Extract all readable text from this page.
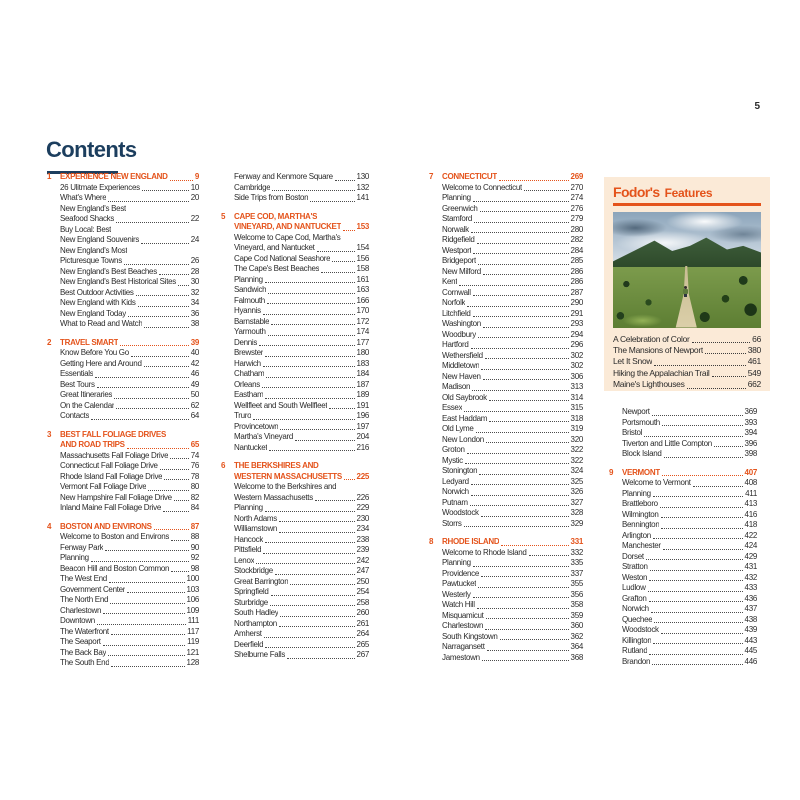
5
Contents
1	EXPERIENCE NEW ENGLAND	9
26 Ulitmate Experiences	10
What's Where	20
New England's Best
Seafood Shacks	22
Buy Local: Best
New England Souvenirs	24
New England's Most
Picturesque Towns	26
New England's Best Beaches	28
New England's Best Historical Sites 30
Best Outdoor Activities	32
New England with Kids	34
New England Today	36
What to Read and Watch	38
2	TRAVEL SMART	39
Know Before You Go	40
Getting Here and Around	42
Essentials	46
Best Tours	49
Great Itineraries	50
On the Calendar	62
Contacts	64
3	BEST FALL FOLIAGE DRIVES
AND ROAD TRIPS	65
Massachusetts Fall Foliage Drive	74
Connecticut Fall Foliage Drive	76
Rhode Island Fall Foliage Drive	78
Vermont Fall Foliage Drive	80
New Hampshire Fall Foliage Drive 82
Inland Maine Fall Foliage Drive	84
4	BOSTON AND ENVIRONS	87
Welcome to Boston and Environs	88
Fenway Park	90
Planning	92
Beacon Hill and Boston Common	98
The West End	100
Government Center	103
The North End	106
Charlestown	109
Downtown	111
The Waterfront	117
The Seaport	119
The Back Bay	121
The South End	128
Fenway and Kenmore Square	130
Cambridge	132
Side Trips from Boston	141
5	CAPE COD, MARTHA'S
VINEYARD, AND NANTUCKET 153
Welcome to Cape Cod, Martha's
Vineyard, and Nantucket	154
Cape Cod National Seashore	156
The Cape's Best Beaches	158
Planning	161
Sandwich	163
Falmouth	166
Hyannis	170
Barnstable	172
Yarmouth	174
Dennis	177
Brewster	180
Harwich	183
Chatham	184
Orleans	187
Eastham	189
Wellfleet and South Wellfleet	191
Truro	196
Provincetown	197
Martha's Vineyard	204
Nantucket	216
6	THE BERKSHIRES AND
WESTERN MASSACHUSETTS 225
Welcome to the Berkshires and
Western Massachusetts	226
Planning	229
North Adams	230
Williamstown	234
Hancock	238
Pittsfield	239
Lenox	242
Stockbridge	247
Great Barrington	250
Springfield	254
Sturbridge	258
South Hadley	260
Northampton	261
Amherst	264
Deerfield	265
Shelburne Falls	267
7	CONNECTICUT	269
Welcome to Connecticut	270
Planning	274
Greenwich	276
Stamford	279
Norwalk	280
Ridgefield	282
Westport	284
Bridgeport	285
New Milford	286
Kent	286
Cornwall	287
Norfolk	290
Litchfield	291
Washington	293
Woodbury	294
Hartford	296
Wethersfield	302
Middletown	302
New Haven	306
Madison	313
Old Saybrook	314
Essex	315
East Haddam	318
Old Lyme	319
New London	320
Groton	322
Mystic	322
Stonington	324
Ledyard	325
Norwich	326
Putnam	327
Woodstock	328
Storrs	329
8	RHODE ISLAND	331
Welcome to Rhode Island	332
Planning	335
Providence	337
Pawtucket	355
Westerly	356
Watch Hill	358
Misquamicut	359
Charlestown	360
South Kingstown	362
Narragansett	364
Jamestown	368
Newport	369
Portsmouth	393
Bristol	394
Tiverton and Little Compton	396
Block Island	398
9	VERMONT	407
Welcome to Vermont	408
Planning	411
Brattleboro	413
Wilmington	416
Bennington	418
Arlington	422
Manchester	424
Dorset	429
Stratton	431
Weston	432
Ludlow	433
Grafton	436
Norwich	437
Quechee	438
Woodstock	439
Killington	443
Rutland	445
Brandon	446
Fodor's Features
A Celebration of Color	66
The Mansions of Newport	380
Let It Snow	461
Hiking the Appalachian Trail	549
Maine's Lighthouses	662
